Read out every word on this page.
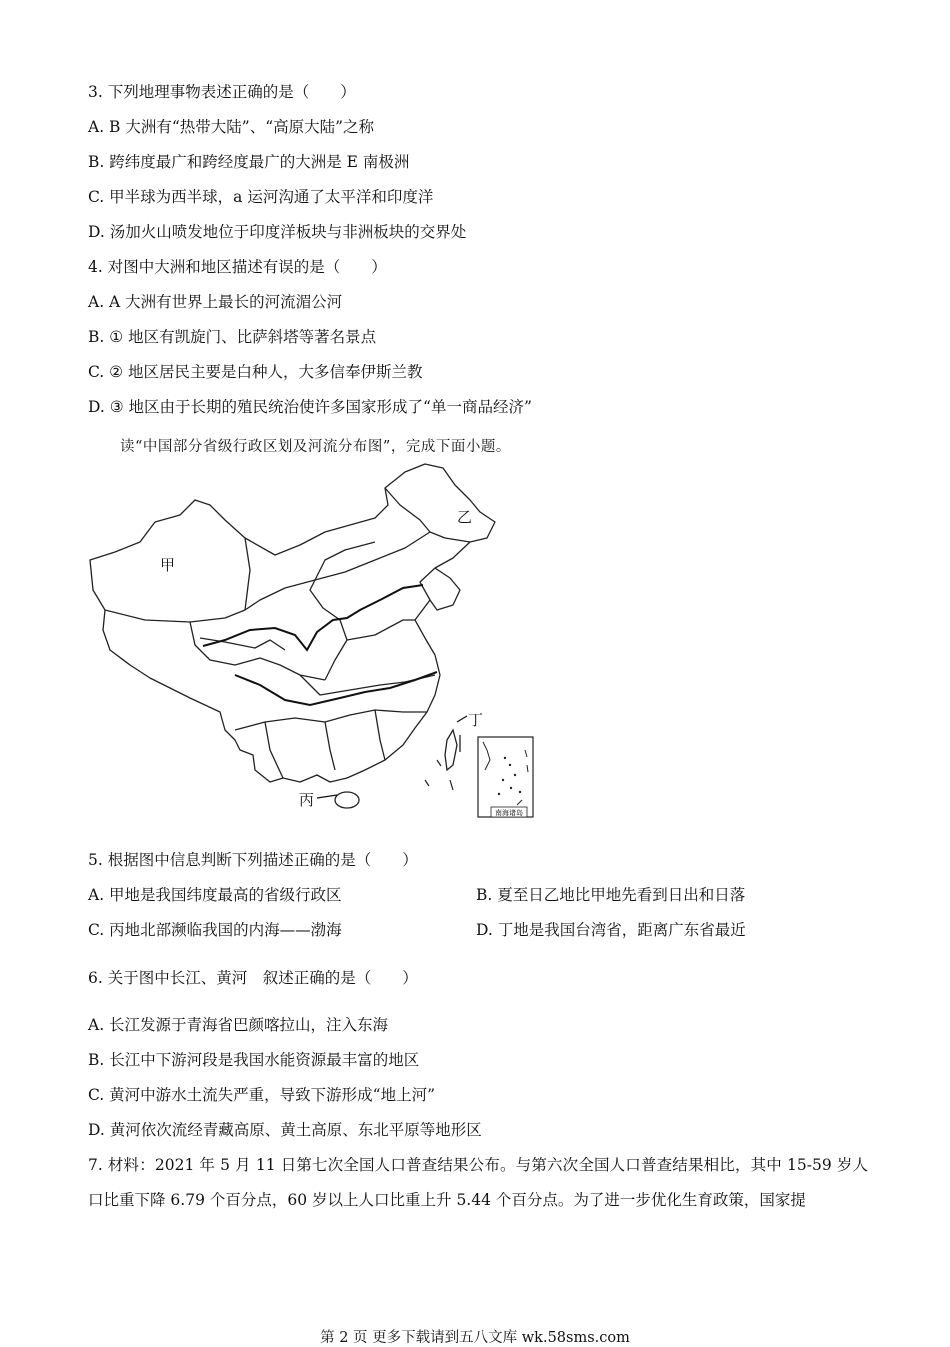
3. 下列地理事物表述正确的是（　　）
A. B 大洲有“热带大陆”、“高原大陆”之称
B. 跨纬度最广和跨经度最广的大洲是 E 南极洲
C. 甲半球为西半球，a 运河沟通了太平洋和印度洋
D. 汤加火山喷发地位于印度洋板块与非洲板块的交界处
4. 对图中大洲和地区描述有误的是（　　）
A. A 大洲有世界上最长的河流湄公河
B. ① 地区有凯旋门、比萨斜塔等著名景点
C. ② 地区居民主要是白种人，大多信奉伊斯兰教
D. ③ 地区由于长期的殖民统治使许多国家形成了“单一商品经济”
读“中国部分省级行政区划及河流分布图”，完成下面小题。
南海诸岛
甲
乙
丙
丁
5. 根据图中信息判断下列描述正确的是（　　）
A. 甲地是我国纬度最高的省级行政区	B. 夏至日乙地比甲地先看到日出和日落
C. 丙地北部濒临我国的内海——渤海	D. 丁地是我国台湾省，距离广东省最近
6. 关于图中长江、黄河　叙述正确的是（　　）
A. 长江发源于青海省巴颜喀拉山，注入东海
B. 长江中下游河段是我国水能资源最丰富的地区
C. 黄河中游水土流失严重，导致下游形成“地上河”
D. 黄河依次流经青藏高原、黄土高原、东北平原等地形区
7. 材料：2021 年 5 月 11 日第七次全国人口普查结果公布。与第六次全国人口普查结果相比，其中 15-59 岁人口比重下降 6.79 个百分点，60 岁以上人口比重上升 5.44 个百分点。为了进一步优化生育政策，国家提
第 2 页 更多下载请到五八文库 wk.58sms.com
